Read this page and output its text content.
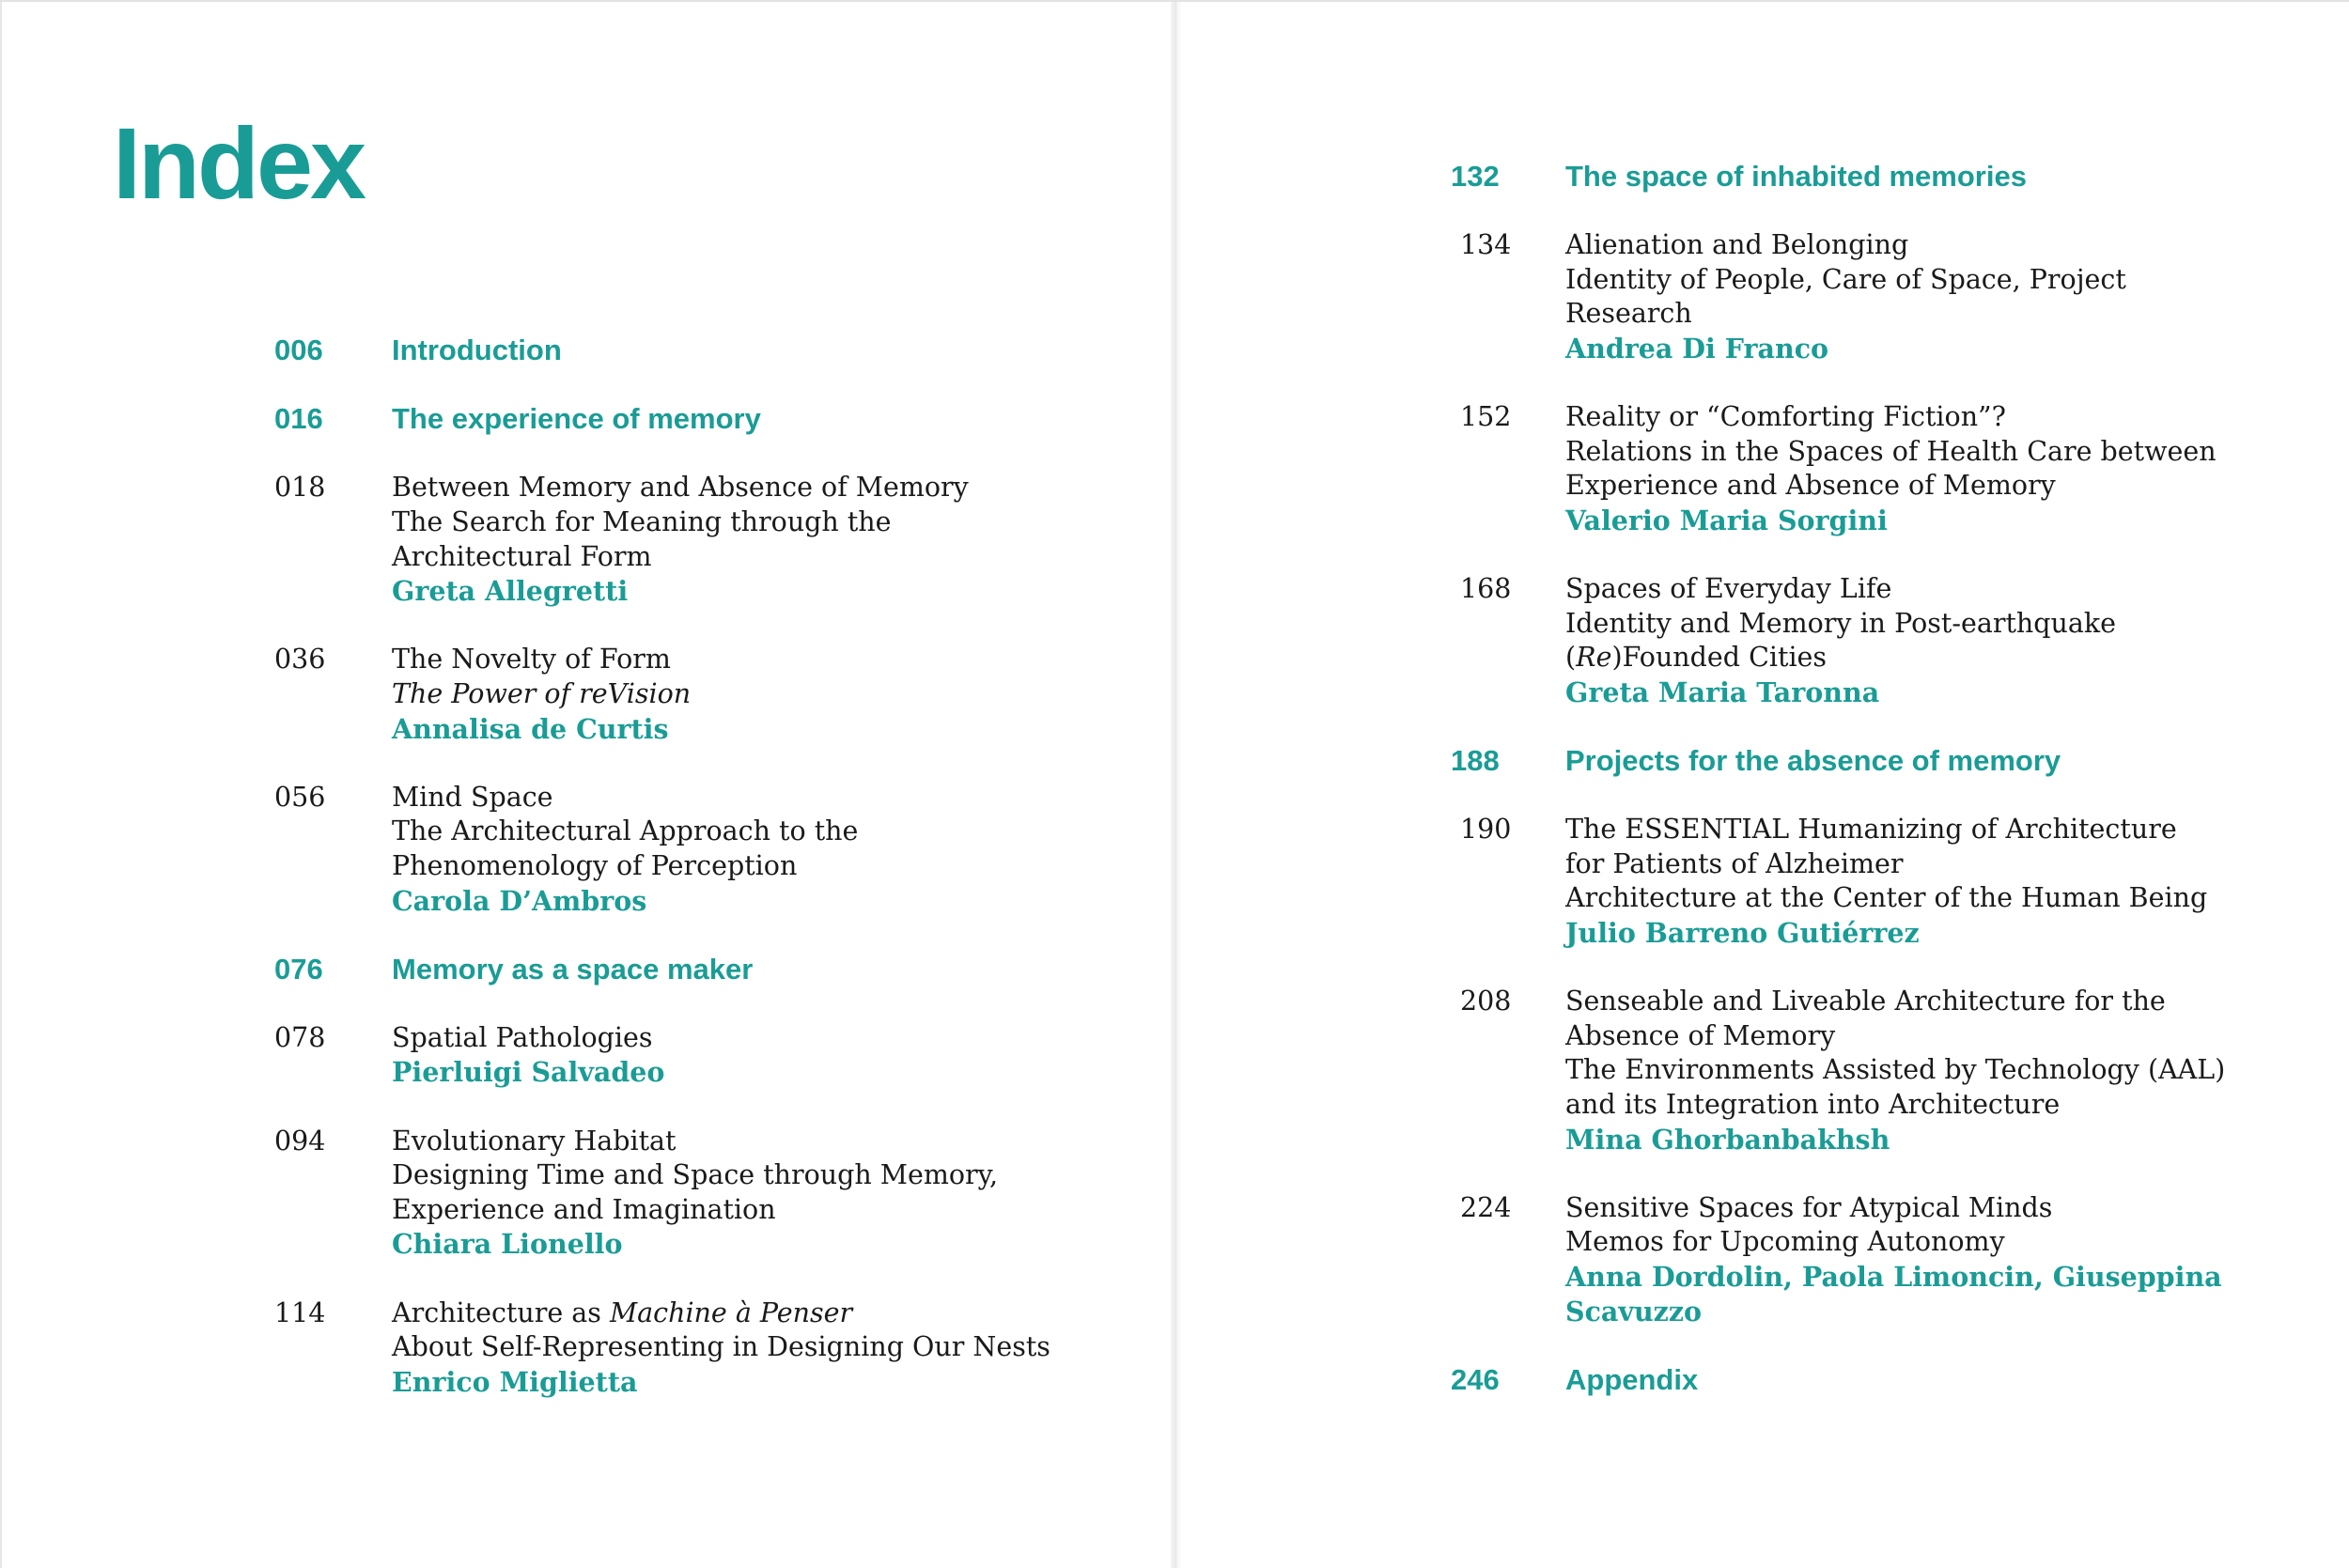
Index
006 Introduction
016 The experience of memory
018 Between Memory and Absence of Memory
The Search for Meaning through the
Architectural Form
Greta Allegretti
036 The Novelty of Form
The Power of reVision
Annalisa de Curtis
056 Mind Space
The Architectural Approach to the
Phenomenology of Perception
Carola D’Ambros
076 Memory as a space maker
078 Spatial Pathologies
Pierluigi Salvadeo
094 Evolutionary Habitat
Designing Time and Space through Memory,
Experience and Imagination
Chiara Lionello
114 Architecture as Machine à Penser
About Self-Representing in Designing Our Nests
Enrico Miglietta
132 The space of inhabited memories
134 Alienation and Belonging
Identity of People, Care of Space, Project
Research
Andrea Di Franco
152 Reality or “Comforting Fiction”?
Relations in the Spaces of Health Care between
Experience and Absence of Memory
Valerio Maria Sorgini
168 Spaces of Everyday Life
Identity and Memory in Post-earthquake
(Re)Founded Cities
Greta Maria Taronna
188 Projects for the absence of memory
190 The ESSENTIAL Humanizing of Architecture
for Patients of Alzheimer
Architecture at the Center of the Human Being
Julio Barreno Gutiérrez
208 Senseable and Liveable Architecture for the
Absence of Memory
The Environments Assisted by Technology (AAL)
and its Integration into Architecture
Mina Ghorbanbakhsh
224 Sensitive Spaces for Atypical Minds
Memos for Upcoming Autonomy
Anna Dordolin, Paola Limoncin, Giuseppina
Scavuzzo
246 Appendix
